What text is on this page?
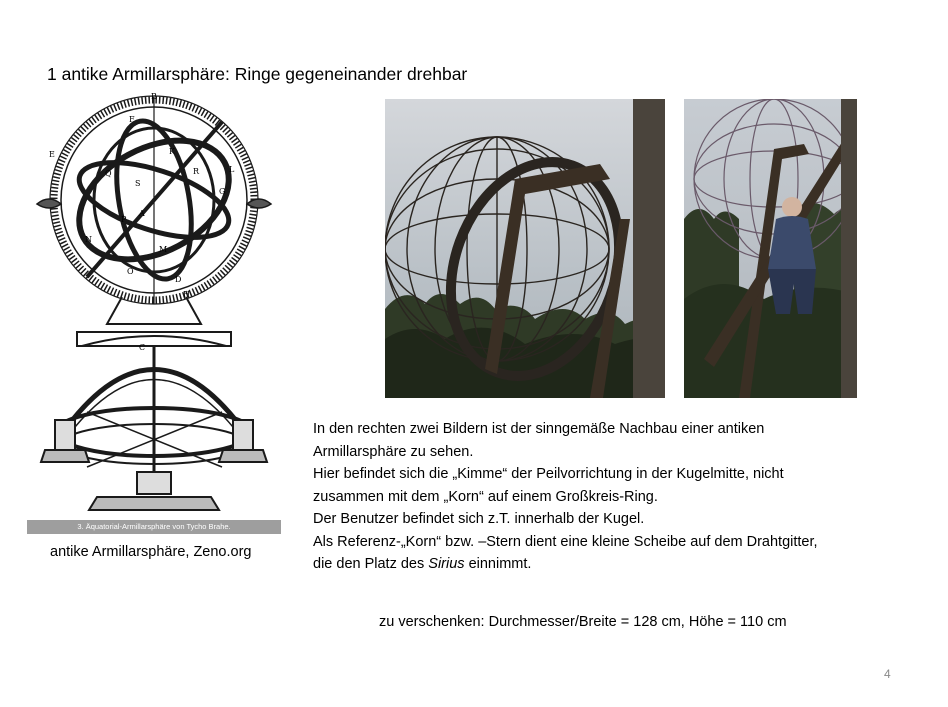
1 antike Armillarsphäre: Ringe gegeneinander drehbar
B
F
E	K
Q
S
R	L
G
A
P
N
M
O
D
H
C
3. Äquatorial-Armillarsphäre von Tycho Brahe.
antike Armillarsphäre, Zeno.org

In den rechten zwei Bildern ist der sinngemäße Nachbau einer antiken

Armillarsphäre zu sehen.

Hier befindet sich die „Kimme“ der Peilvorrichtung in der Kugelmitte, nicht

zusammen mit dem „Korn“ auf einem Großkreis-Ring.

Der Benutzer befindet sich z.T. innerhalb der Kugel.

Als Referenz-„Korn“ bzw. –Stern dient eine kleine Scheibe auf dem Drahtgitter,

die den Platz des Sirius einnimmt.

zu verschenken: Durchmesser/Breite = 128 cm, Höhe = 110 cm
4
